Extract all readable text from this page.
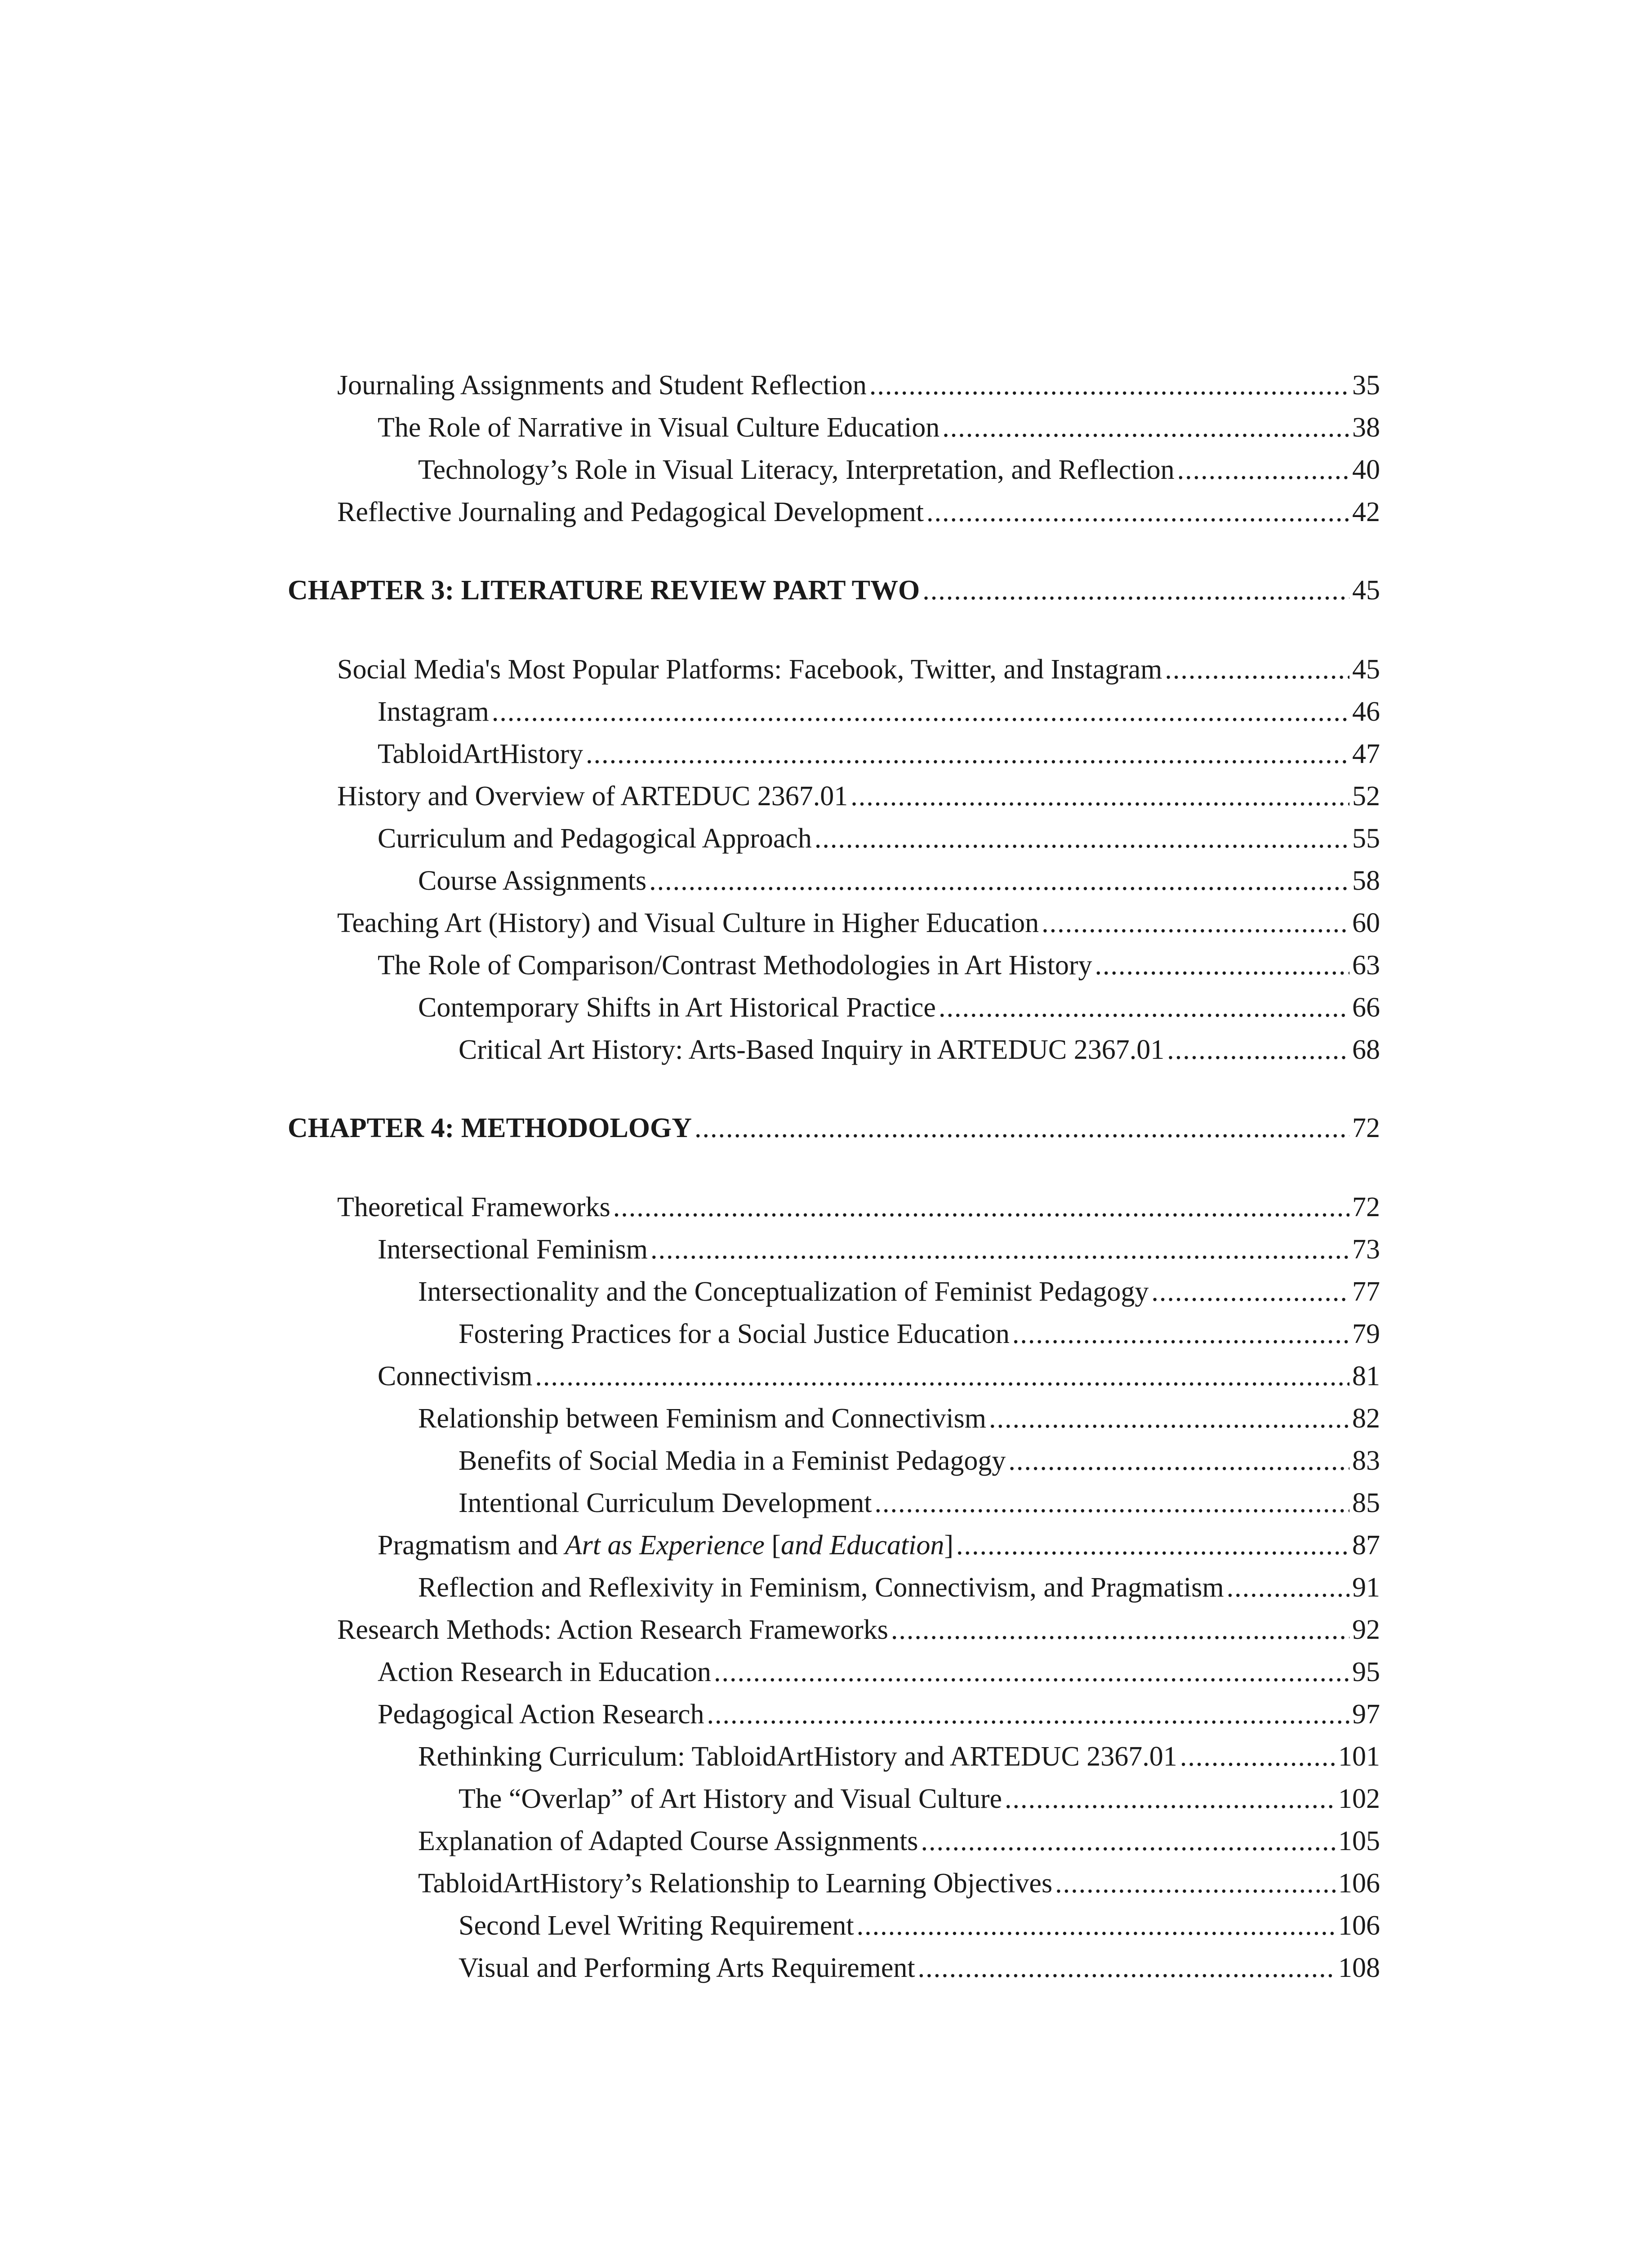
Journaling Assignments and Student Reflection .....	35
The Role of Narrative in Visual Culture Education .....	38
Technology’s Role in Visual Literacy, Interpretation, and Reflection .....	40
Reflective Journaling and Pedagogical Development .....	42
CHAPTER 3: LITERATURE REVIEW PART TWO .....	45
Social Media's Most Popular Platforms: Facebook, Twitter, and Instagram .....	45
Instagram .....	46
TabloidArtHistory .....	47
History and Overview of ARTEDUC 2367.01 .....	52
Curriculum and Pedagogical Approach .....	55
Course Assignments .....	58
Teaching Art (History) and Visual Culture in Higher Education .....	60
The Role of Comparison/Contrast Methodologies in Art History .....	63
Contemporary Shifts in Art Historical Practice .....	66
Critical Art History: Arts-Based Inquiry in ARTEDUC 2367.01 .....	68
CHAPTER 4: METHODOLOGY .....	72
Theoretical Frameworks .....	72
Intersectional Feminism .....	73
Intersectionality and the Conceptualization of Feminist Pedagogy .....	77
Fostering Practices for a Social Justice Education .....	79
Connectivism .....	81
Relationship between Feminism and Connectivism .....	82
Benefits of Social Media in a Feminist Pedagogy .....	83
Intentional Curriculum Development .....	85
Pragmatism and Art as Experience [and Education] .....	87
Reflection and Reflexivity in Feminism, Connectivism, and Pragmatism .....	91
Research Methods: Action Research Frameworks .....	92
Action Research in Education .....	95
Pedagogical Action Research .....	97
Rethinking Curriculum: TabloidArtHistory and ARTEDUC 2367.01 .....	101
The “Overlap” of Art History and Visual Culture .....	102
Explanation of Adapted Course Assignments .....	105
TabloidArtHistory’s Relationship to Learning Objectives .....	106
Second Level Writing Requirement .....	106
Visual and Performing Arts Requirement .....	108
